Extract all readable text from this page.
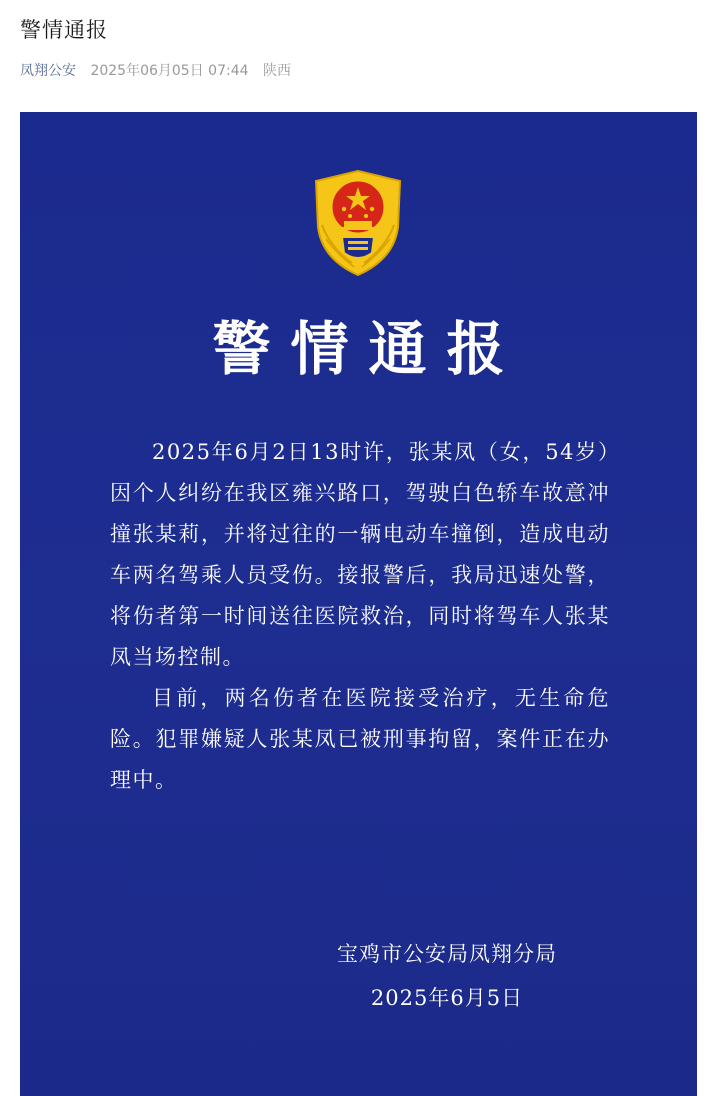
警情通报
凤翔公安 2025年06月05日 07:44 陕西
警情通报

2025年6月2日13时许，张某凤（女，54岁）因个人纠纷在我区雍兴路口，驾驶白色轿车故意冲撞张某莉，并将过往的一辆电动车撞倒，造成电动车两名驾乘人员受伤。接报警后，我局迅速处警，将伤者第一时间送往医院救治，同时将驾车人张某凤当场控制。

目前，两名伤者在医院接受治疗，无生命危险。犯罪嫌疑人张某凤已被刑事拘留，案件正在办理中。

宝鸡市公安局凤翔分局
2025年6月5日
